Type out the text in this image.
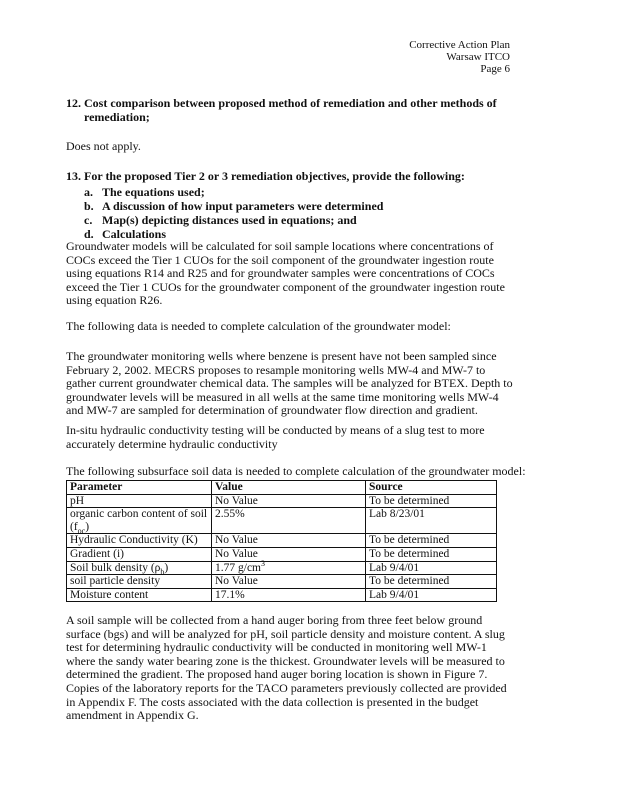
Corrective Action Plan
Warsaw ITCO
Page 6
12. Cost comparison between proposed method of remediation and other methods of
remediation;
Does not apply.
13. For the proposed Tier 2 or 3 remediation objectives, provide the following:
a. The equations used;
b. A discussion of how input parameters were determined
c. Map(s) depicting distances used in equations; and
d. Calculations
Groundwater models will be calculated for soil sample locations where concentrations of COCs exceed the Tier 1 CUOs for the soil component of the groundwater ingestion route using equations R14 and R25 and for groundwater samples were concentrations of COCs exceed the Tier 1 CUOs for the groundwater component of the groundwater ingestion route using equation R26.
The following data is needed to complete calculation of the groundwater model:
The groundwater monitoring wells where benzene is present have not been sampled since February 2, 2002. MECRS proposes to resample monitoring wells MW-4 and MW-7 to gather current groundwater chemical data. The samples will be analyzed for BTEX. Depth to groundwater levels will be measured in all wells at the same time monitoring wells MW-4 and MW-7 are sampled for determination of groundwater flow direction and gradient.
In-situ hydraulic conductivity testing will be conducted by means of a slug test to more accurately determine hydraulic conductivity
The following subsurface soil data is needed to complete calculation of the groundwater model:
Parameter	Value	Source
pH	No Value	To be determined
organic carbon content of soil $(f_{oc})$	2.55%	Lab 8/23/01
Hydraulic Conductivity (K)	No Value	To be determined
Gradient (i)	No Value	To be determined
Soil bulk density $(\rho_b)$	1.77 $g/cm^3$	Lab 9/4/01
soil particle density	No Value	To be determined
Moisture content	17.1%	Lab 9/4/01
A soil sample will be collected from a hand auger boring from three feet below ground surface (bgs) and will be analyzed for pH, soil particle density and moisture content. A slug test for determining hydraulic conductivity will be conducted in monitoring well MW-1 where the sandy water bearing zone is the thickest. Groundwater levels will be measured to determined the gradient. The proposed hand auger boring location is shown in Figure 7. Copies of the laboratory reports for the TACO parameters previously collected are provided in Appendix F. The costs associated with the data collection is presented in the budget amendment in Appendix G.
